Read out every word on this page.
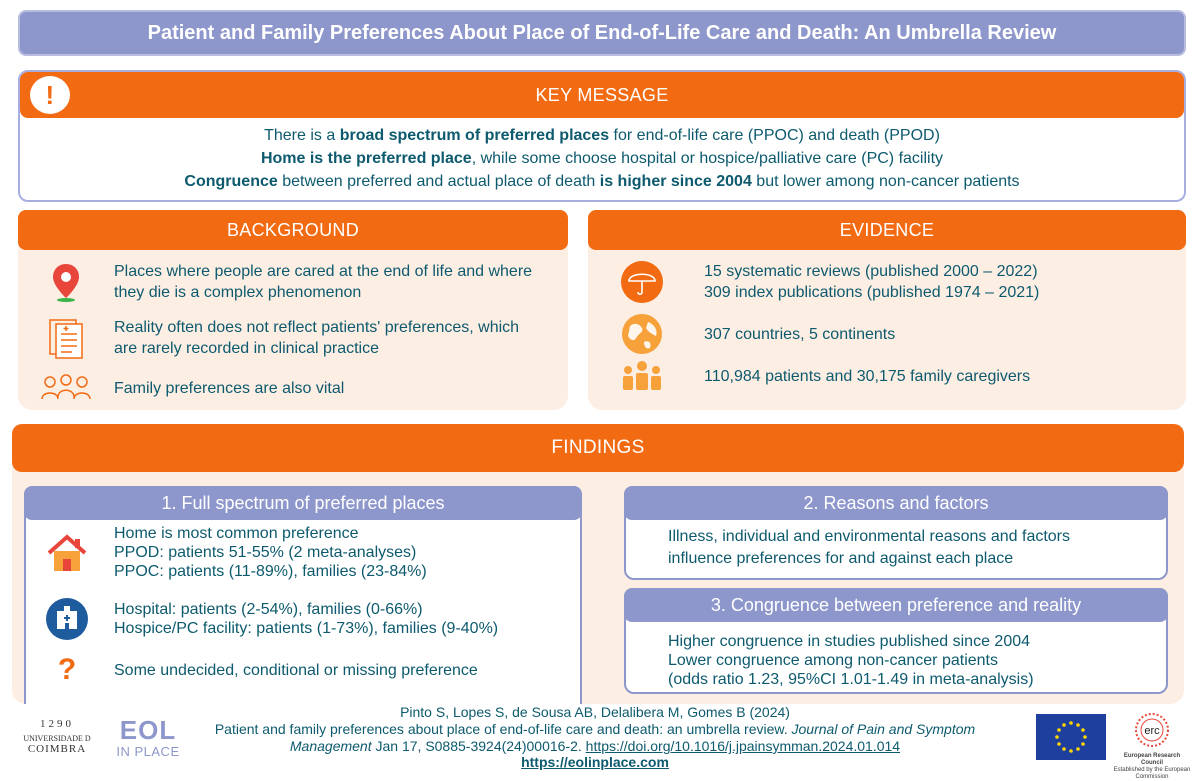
Patient and Family Preferences About Place of End-of-Life Care and Death: An Umbrella Review
!	KEY MESSAGE
There is a broad spectrum of preferred places for end-of-life care (PPOC) and death (PPOD)
Home is the preferred place, while some choose hospital or hospice/palliative care (PC) facility
Congruence between preferred and actual place of death is higher since 2004 but lower among non-cancer patients
BACKGROUND
Places where people are cared at the end of life and where they die is a complex phenomenon
Reality often does not reflect patients' preferences, which are rarely recorded in clinical practice
Family preferences are also vital
EVIDENCE
15 systematic reviews (published 2000 – 2022)
309 index publications (published 1974 – 2021)
307 countries, 5 continents
110,984 patients and 30,175 family caregivers
FINDINGS
1. Full spectrum of preferred places
Home is most common preference
PPOD: patients 51-55% (2 meta-analyses)
PPOC: patients (11-89%), families (23-84%)
Hospital: patients (2-54%), families (0-66%)
Hospice/PC facility: patients (1-73%), families (9-40%)
?	Some undecided, conditional or missing preference
2. Reasons and factors
Illness, individual and environmental reasons and factors
influence preferences for and against each place
3. Congruence between preference and reality
Higher congruence in studies published since 2004
Lower congruence among non-cancer patients
(odds ratio 1.23, 95%CI 1.01-1.49 in meta-analysis)
1290
UNIVERSIDADE D
COIMBRA
EOL
IN PLACE
Pinto S, Lopes S, de Sousa AB, Delalibera M, Gomes B (2024)
Patient and family preferences about place of end-of-life care and death: an umbrella review. Journal of Pain and Symptom Management Jan 17, S0885-3924(24)00016-2. https://doi.org/10.1016/j.jpainsymman.2024.01.014
https://eolinplace.com
erc
European Research Council
Established by the European Commission
